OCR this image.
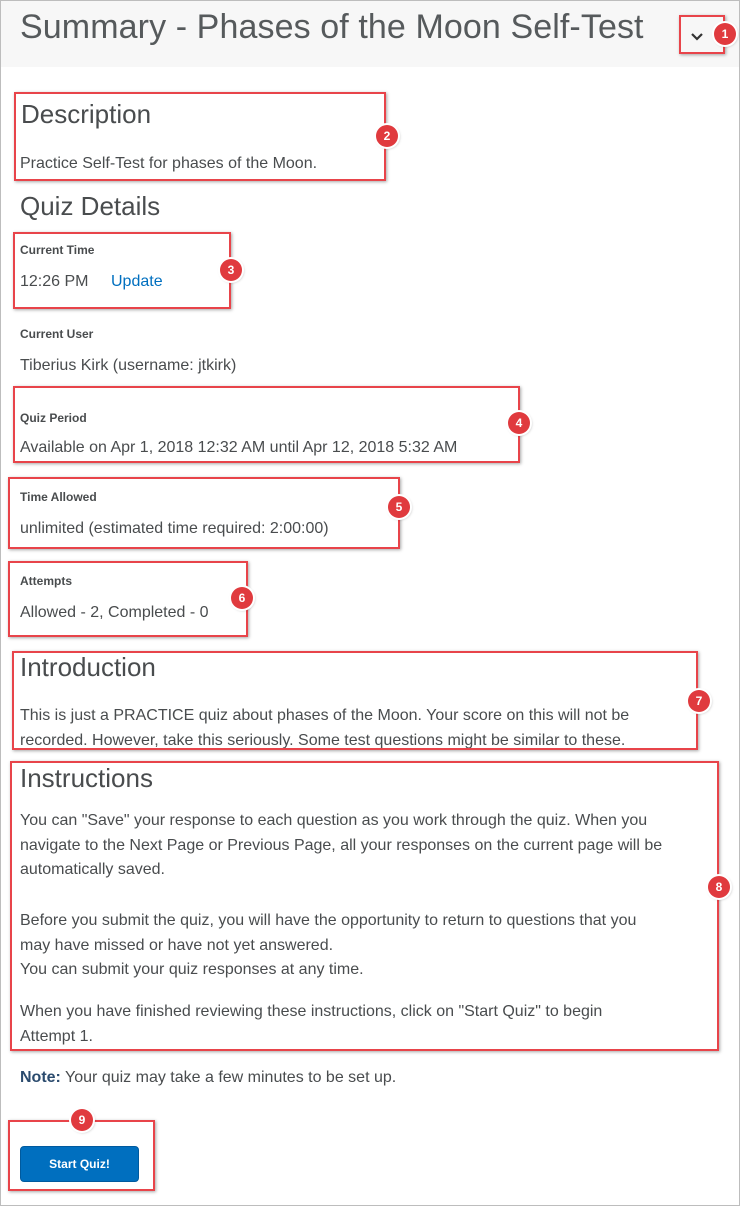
Summary - Phases of the Moon Self-Test
Description
Practice Self-Test for phases of the Moon.
Quiz Details
Current Time
12:26 PM Update
Current User
Tiberius Kirk (username: jtkirk)
Quiz Period
Available on Apr 1, 2018 12:32 AM until Apr 12, 2018 5:32 AM
Time Allowed
unlimited (estimated time required: 2:00:00)
Attempts
Allowed - 2, Completed - 0
Introduction
This is just a PRACTICE quiz about phases of the Moon. Your score on this will not be
recorded. However, take this seriously. Some test questions might be similar to these.
Instructions
You can "Save" your response to each question as you work through the quiz. When you
navigate to the Next Page or Previous Page, all your responses on the current page will be
automatically saved.
Before you submit the quiz, you will have the opportunity to return to questions that you
may have missed or have not yet answered.
You can submit your quiz responses at any time.
When you have finished reviewing these instructions, click on "Start Quiz" to begin
Attempt 1.
Note: Your quiz may take a few minutes to be set up.
Start Quiz!
1
2
3
4
5
6
7
8
9
